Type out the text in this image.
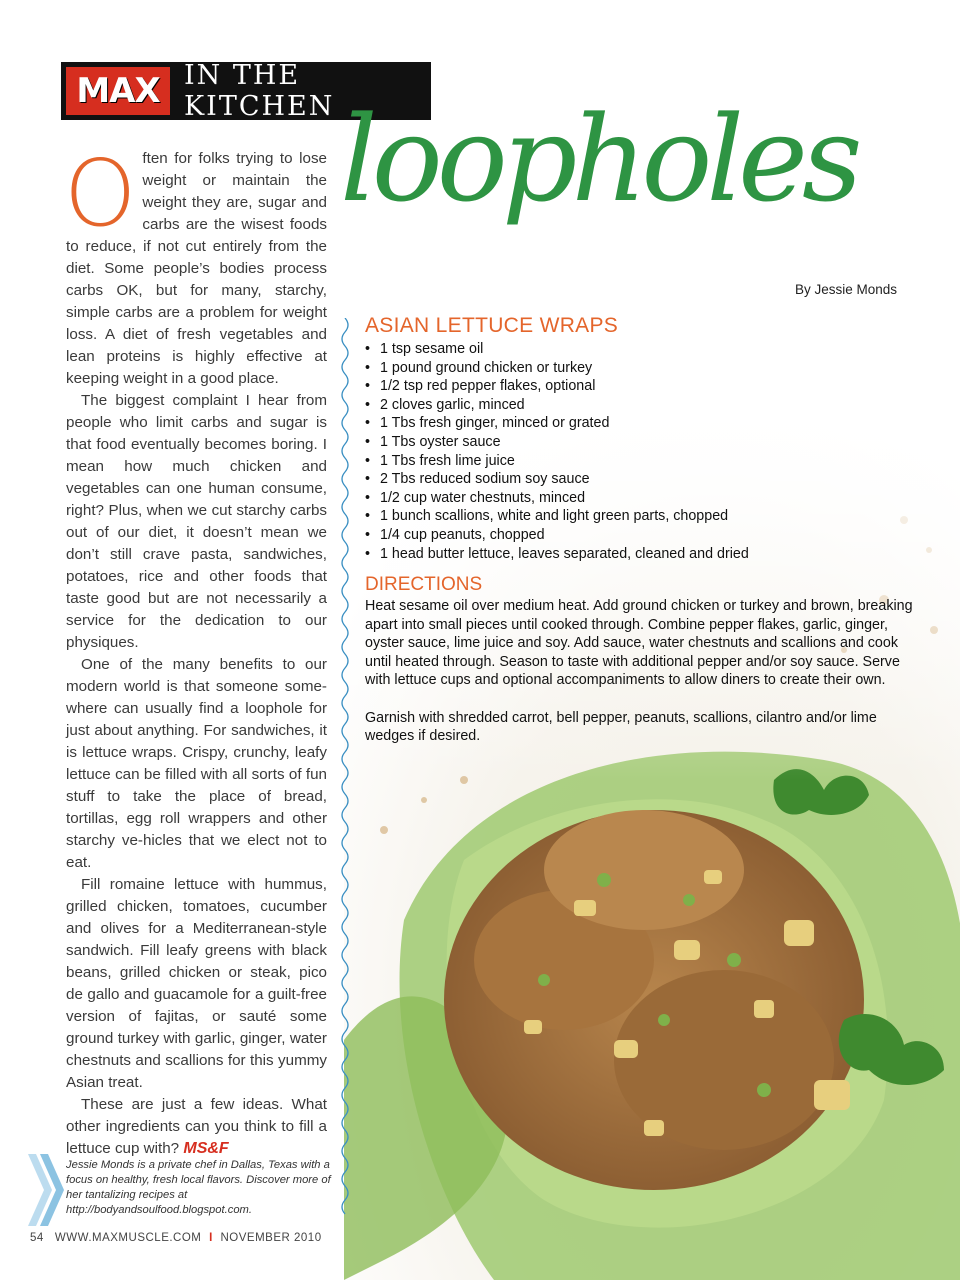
MAX IN THE KITCHEN loopholes
By Jessie Monds

Often for folks trying to lose weight or maintain the weight they are, sugar and carbs are the wisest foods to reduce, if not cut entirely from the diet. Some people’s bodies process carbs OK, but for many, starchy, simple carbs are a problem for weight loss. A diet of fresh vegetables and lean proteins is highly effective at keeping weight in a good place.

The biggest complaint I hear from people who limit carbs and sugar is that food eventually becomes boring. I mean how much chicken and vegetables can one human consume, right? Plus, when we cut starchy carbs out of our diet, it doesn’t mean we don’t still crave pasta, sandwiches, potatoes, rice and other foods that taste good but are not necessarily a service for the dedication to our physiques.

One of the many benefits to our modern world is that someone some-where can usually find a loophole for just about anything. For sandwiches, it is lettuce wraps. Crispy, crunchy, leafy lettuce can be filled with all sorts of fun stuff to take the place of bread, tortillas, egg roll wrappers and other starchy ve-hicles that we elect not to eat.

Fill romaine lettuce with hummus, grilled chicken, tomatoes, cucumber and olives for a Mediterranean-style sandwich. Fill leafy greens with black beans, grilled chicken or steak, pico de gallo and guacamole for a guilt-free version of fajitas, or sauté some ground turkey with garlic, ginger, water chestnuts and scallions for this yummy Asian treat.

These are just a few ideas. What other ingredients can you think to fill a lettuce cup with? MS&F

Jessie Monds is a private chef in Dallas, Texas with a focus on healthy, fresh local flavors. Discover more of her tantalizing recipes at http://bodyandsoulfood.blogspot.com.
54 WWW.MAXMUSCLE.COM I NOVEMBER 2010
ASIAN LETTUCE WRAPS
• 1 tsp sesame oil
• 1 pound ground chicken or turkey
• 1/2 tsp red pepper flakes, optional
• 2 cloves garlic, minced
• 1 Tbs fresh ginger, minced or grated
• 1 Tbs oyster sauce
• 1 Tbs fresh lime juice
• 2 Tbs reduced sodium soy sauce
• 1/2 cup water chestnuts, minced
• 1 bunch scallions, white and light green parts, chopped
• 1/4 cup peanuts, chopped
• 1 head butter lettuce, leaves separated, cleaned and dried
DIRECTIONS

Heat sesame oil over medium heat. Add ground chicken or turkey and brown, breaking apart into small pieces until cooked through. Combine pepper flakes, garlic, ginger, oyster sauce, lime juice and soy. Add sauce, water chestnuts and scallions and cook until heated through. Season to taste with additional pepper and/or soy sauce. Serve with lettuce cups and optional accompaniments to allow diners to create their own.

Garnish with shredded carrot, bell pepper, peanuts, scallions, cilantro and/or lime wedges if desired.
